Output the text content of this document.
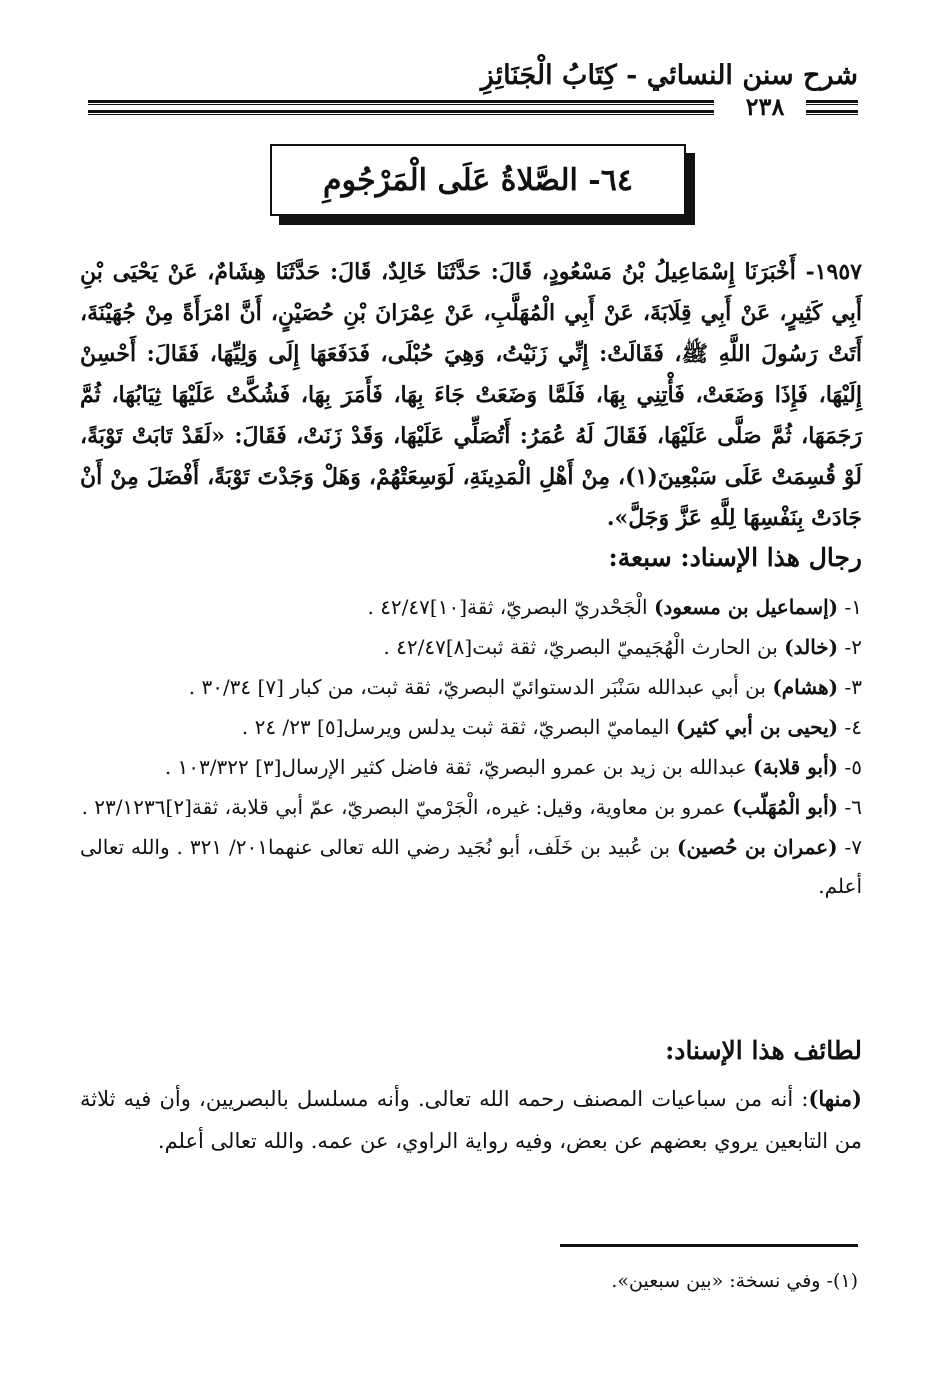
شرح سنن النسائي - كِتَابُ الْجَنَائِزِ
٢٣٨
٦٤- الصَّلاةُ عَلَى الْمَرْجُومِ

١٩٥٧- أَخْبَرَنَا إِسْمَاعِيلُ بْنُ مَسْعُودٍ، قَالَ: حَدَّثَنَا خَالِدٌ، قَالَ: حَدَّثَنَا هِشَامٌ، عَنْ يَحْيَى بْنِ أَبِي كَثِيرٍ، عَنْ أَبِي قِلَابَةَ، عَنْ أَبِي الْمُهَلَّبِ، عَنْ عِمْرَانَ بْنِ حُصَيْنٍ، أَنَّ امْرَأَةً مِنْ جُهَيْنَةَ، أَتَتْ رَسُولَ اللَّهِ ﷺ، فَقَالَتْ: إِنِّي زَنَيْتُ، وَهِيَ حُبْلَى، فَدَفَعَهَا إِلَى وَلِيِّهَا، فَقَالَ: أَحْسِنْ إِلَيْهَا، فَإِذَا وَضَعَتْ، فَأْتِنِي بِهَا، فَلَمَّا وَضَعَتْ جَاءَ بِهَا، فَأَمَرَ بِهَا، فَشُكَّتْ عَلَيْهَا ثِيَابُهَا، ثُمَّ رَجَمَهَا، ثُمَّ صَلَّى عَلَيْهَا، فَقَالَ لَهُ عُمَرُ: أَتُصَلِّي عَلَيْهَا، وَقَدْ زَنَتْ، فَقَالَ: «لَقَدْ تَابَتْ تَوْبَةً، لَوْ قُسِمَتْ عَلَى سَبْعِينَ(١)، مِنْ أَهْلِ الْمَدِينَةِ، لَوَسِعَتْهُمْ، وَهَلْ وَجَدْتَ تَوْبَةً، أَفْضَلَ مِنْ أَنْ جَادَتْ بِنَفْسِهَا لِلَّهِ عَزَّ وَجَلَّ».

رجال هذا الإسناد: سبعة:

١- (إسماعيل بن مسعود) الْجَحْدريّ البصريّ، ثقة[١٠]٤٢/٤٧ .

٢- (خالد) بن الحارث الْهُجَيميّ البصريّ، ثقة ثبت[٨]٤٢/٤٧ .

٣- (هشام) بن أبي عبدالله سَنْبَر الدستوائيّ البصريّ، ثقة ثبت، من كبار [٧] ٣٠/٣٤ .

٤- (يحيى بن أبي كثير) اليماميّ البصريّ، ثقة ثبت يدلس ويرسل[٥] ٢٣/ ٢٤ .

٥- (أبو قلابة) عبدالله بن زيد بن عمرو البصريّ، ثقة فاضل كثير الإرسال[٣] ١٠٣/٣٢٢ .

٦- (أبو الْمُهَلّب) عمرو بن معاوية، وقيل: غيره، الْجَرْميّ البصريّ، عمّ أبي قلابة، ثقة[٢]٢٣/١٢٣٦ .

٧- (عمران بن حُصين) بن عُبيد بن خَلَف، أبو نُجَيد رضي الله تعالى عنهما٢٠١/ ٣٢١ . والله تعالى أعلم.

لطائف هذا الإسناد:

(منها): أنه من سباعيات المصنف رحمه الله تعالى. وأنه مسلسل بالبصريين، وأن فيه ثلاثة من التابعين يروي بعضهم عن بعض، وفيه رواية الراوي، عن عمه. والله تعالى أعلم.

(١)- وفي نسخة: «بين سبعين».
